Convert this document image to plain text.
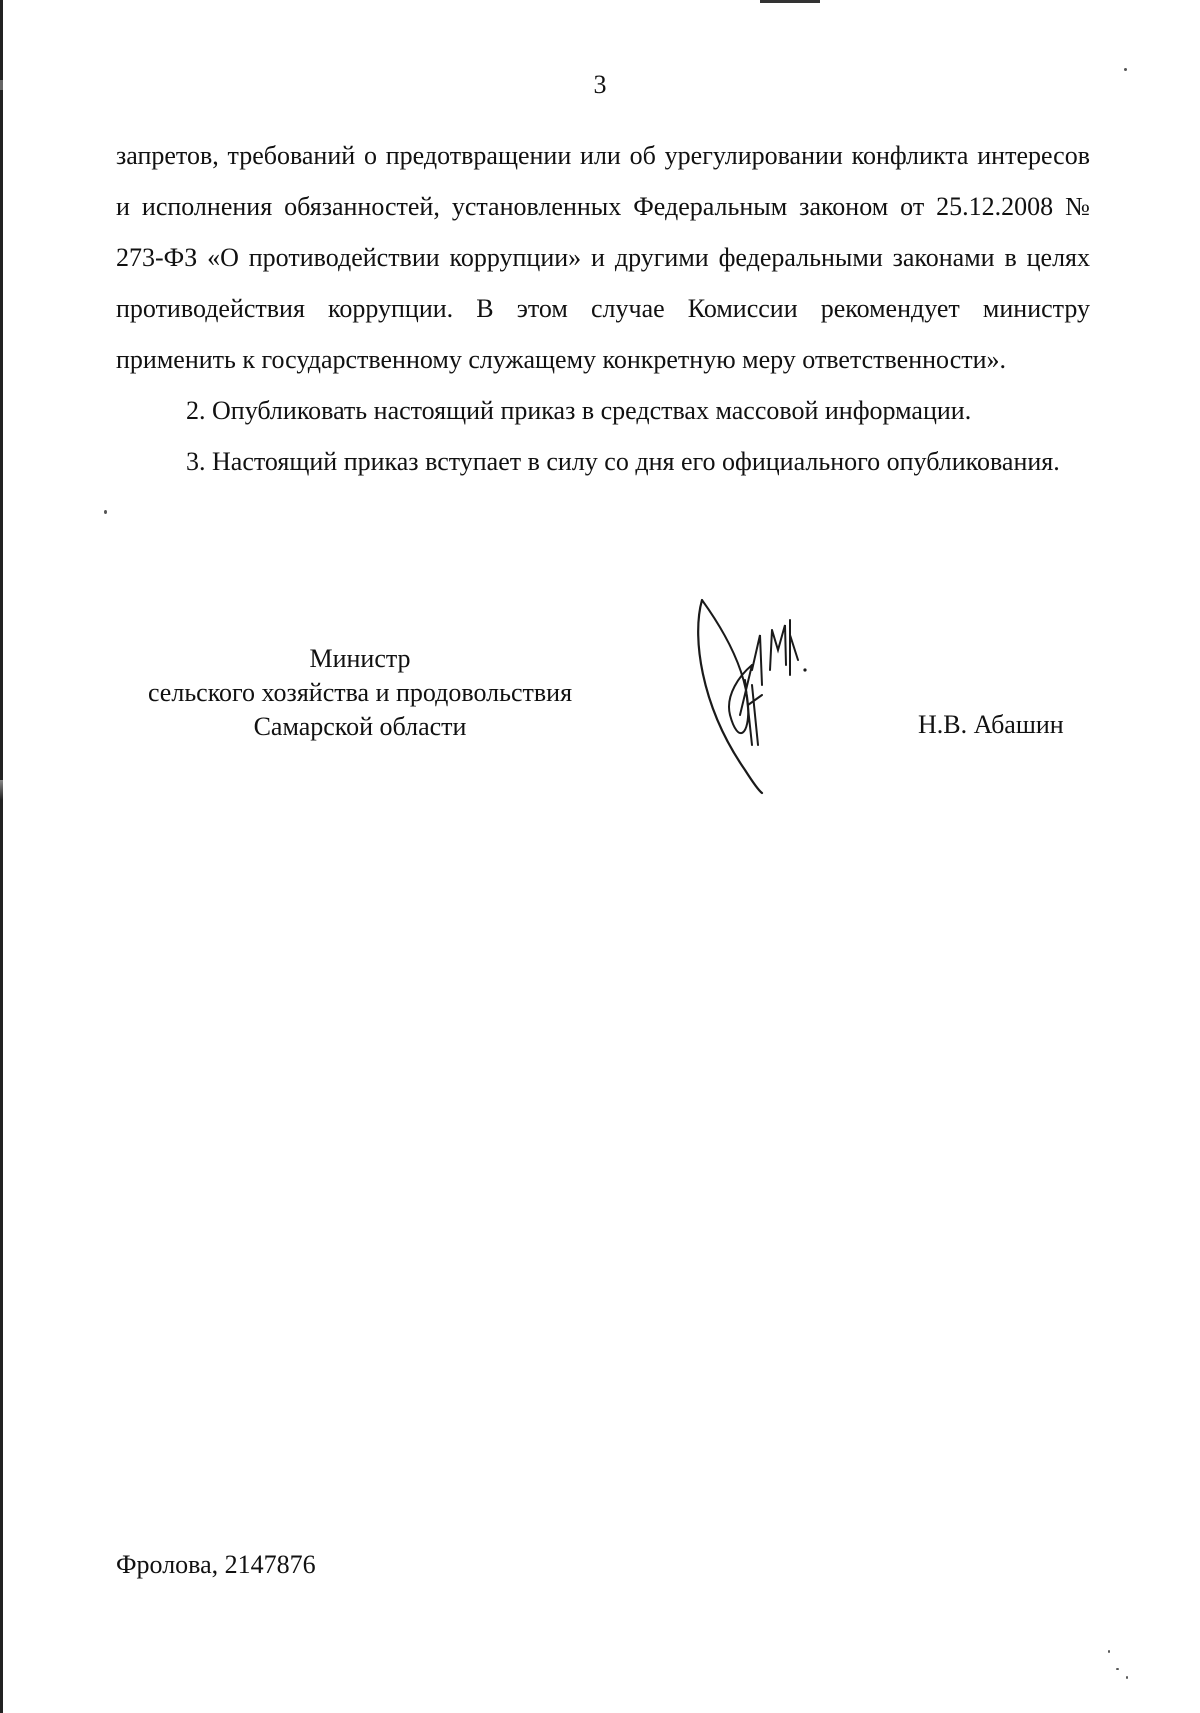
3

запретов, требований о предотвращении или об урегулировании конфликта интересов и исполнения обязанностей, установленных Федеральным законом от 25.12.2008 № 273-ФЗ «О противодействии коррупции» и другими федеральными законами в целях противодействия коррупции. В этом случае Комиссии рекомендует министру применить к государственному служащему конкретную меру ответственности».

2. Опубликовать настоящий приказ в средствах массовой информации.

3. Настоящий приказ вступает в силу со дня его официального опубликования.

Министр
сельского хозяйства и продовольствия
Самарской области	Н.В. Абашин
Фролова, 2147876
